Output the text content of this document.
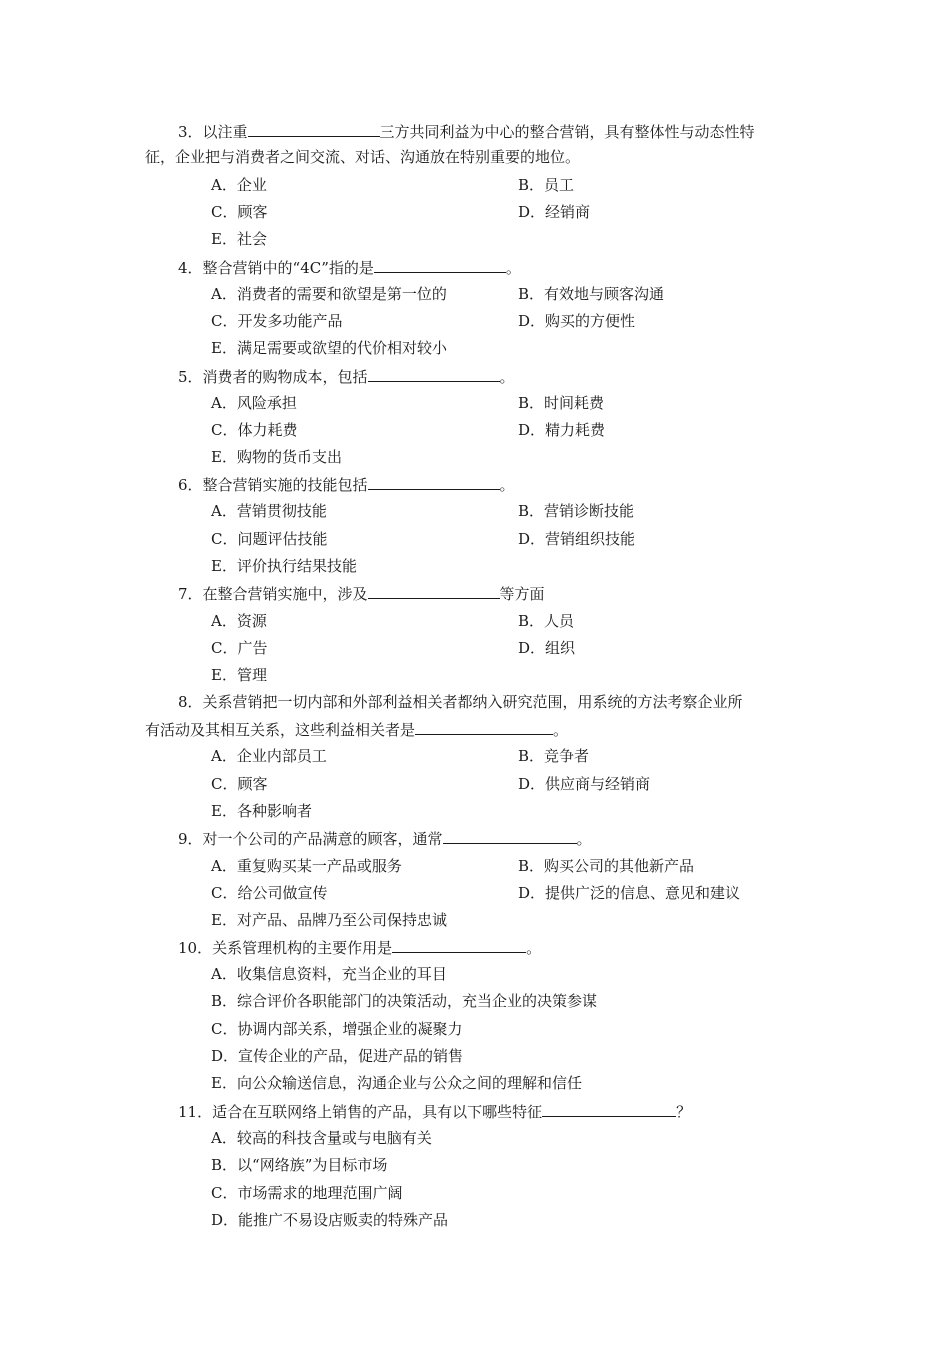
3．以注重	三方共同利益为中心的整合营销，具有整体性与动态性特
征，企业把与消费者之间交流、对话、沟通放在特别重要的地位。
A．企业	B．员工
C．顾客	D．经销商
E．社会
4．整合营销中的“4C”指的是	。
A．消费者的需要和欲望是第一位的	B．有效地与顾客沟通
C．开发多功能产品	D．购买的方便性
E．满足需要或欲望的代价相对较小
5．消费者的购物成本，包括	。
A．风险承担	B．时间耗费
C．体力耗费	D．精力耗费
E．购物的货币支出
6．整合营销实施的技能包括	。
A．营销贯彻技能	B．营销诊断技能
C．问题评估技能	D．营销组织技能
E．评价执行结果技能
7．在整合营销实施中，涉及	等方面
A．资源	B．人员
C．广告	D．组织
E．管理
8．关系营销把一切内部和外部利益相关者都纳入研究范围，用系统的方法考察企业所
有活动及其相互关系，这些利益相关者是	。
A．企业内部员工	B．竞争者
C．顾客	D．供应商与经销商
E．各种影响者
9．对一个公司的产品满意的顾客，通常	。
A．重复购买某一产品或服务	B．购买公司的其他新产品
C．给公司做宣传	D．提供广泛的信息、意见和建议
E．对产品、品牌乃至公司保持忠诚
10．关系管理机构的主要作用是	。
A．收集信息资料，充当企业的耳目
B．综合评价各职能部门的决策活动，充当企业的决策参谋
C．协调内部关系，增强企业的凝聚力
D．宣传企业的产品，促进产品的销售
E．向公众输送信息，沟通企业与公众之间的理解和信任
11．适合在互联网络上销售的产品，具有以下哪些特征	？
A．较高的科技含量或与电脑有关
B．以“网络族”为目标市场
C．市场需求的地理范围广阔
D．能推广不易设店贩卖的特殊产品
